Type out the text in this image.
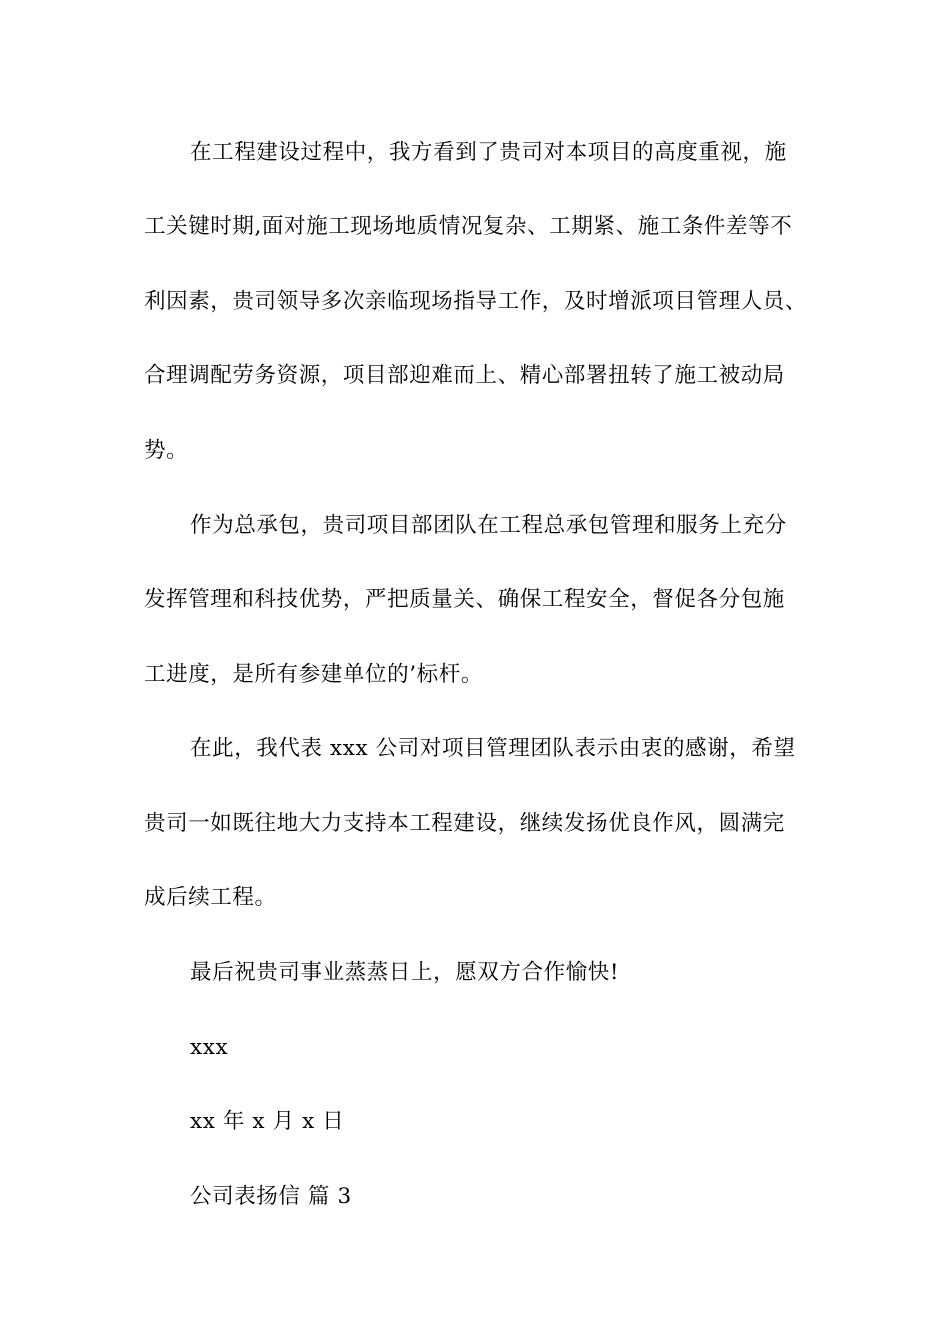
在工程建设过程中，我方看到了贵司对本项目的高度重视，施
工关键时期,面对施工现场地质情况复杂、工期紧、施工条件差等不
利因素，贵司领导多次亲临现场指导工作，及时增派项目管理人员、
合理调配劳务资源，项目部迎难而上、精心部署扭转了施工被动局
势。
作为总承包，贵司项目部团队在工程总承包管理和服务上充分
发挥管理和科技优势，严把质量关、确保工程安全，督促各分包施
工进度，是所有参建单位的’标杆。
在此，我代表 xxx 公司对项目管理团队表示由衷的感谢，希望
贵司一如既往地大力支持本工程建设，继续发扬优良作风，圆满完
成后续工程。
最后祝贵司事业蒸蒸日上，愿双方合作愉快!
xxx
xx 年 x 月 x 日
公司表扬信 篇 3
